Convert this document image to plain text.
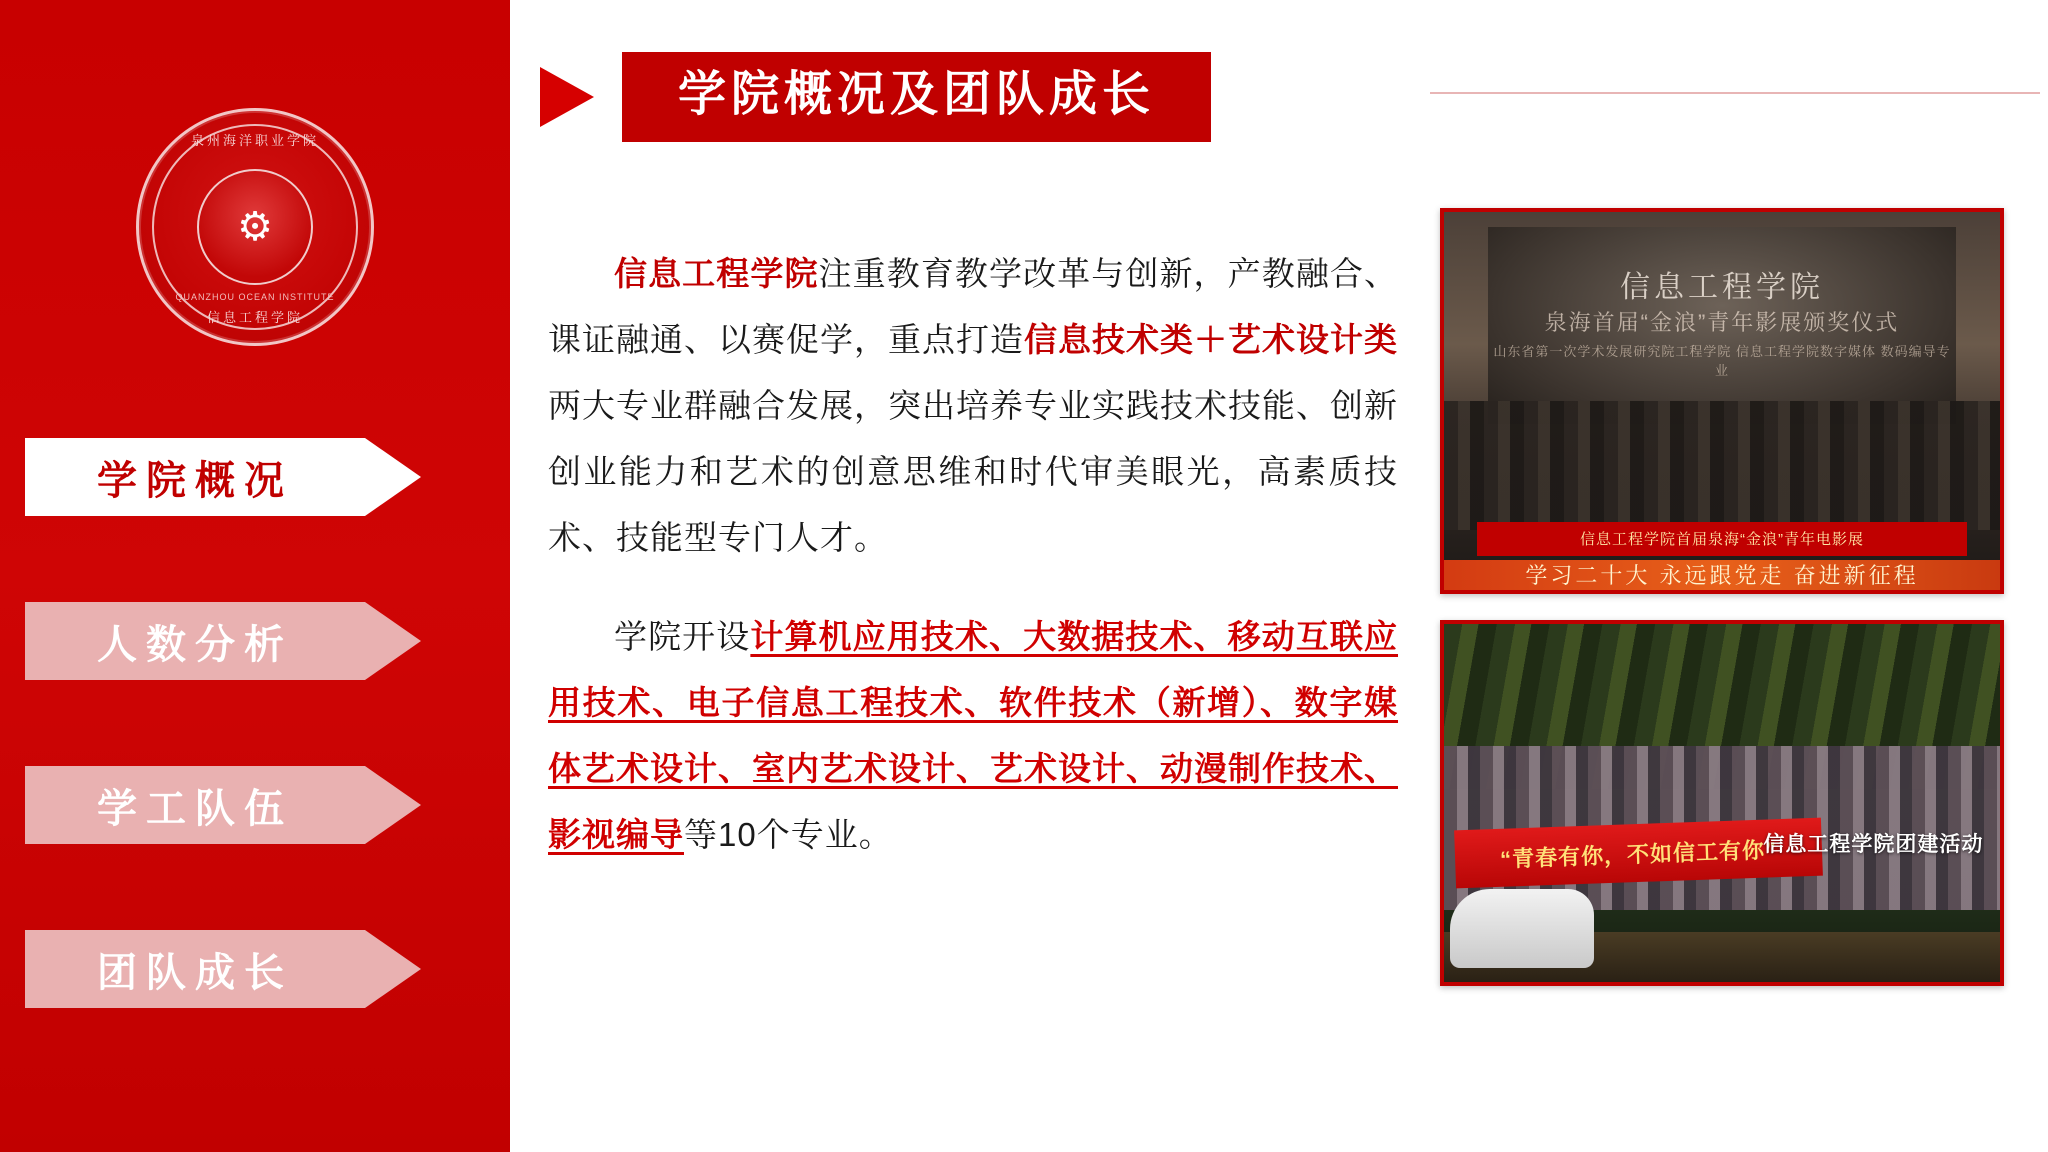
泉州海洋职业学院
⚙
QUANZHOU OCEAN INSTITUTE
信息工程学院
学院概况
人数分析
学工队伍
团队成长
学院概况及团队成长

信息工程学院注重教育教学改革与创新，产教融合、课证融通、以赛促学，重点打造信息技术类＋艺术设计类两大专业群融合发展，突出培养专业实践技术技能、创新创业能力和艺术的创意思维和时代审美眼光，高素质技术、技能型专门人才。

学院开设计算机应用技术、大数据技术、移动互联应用技术、电子信息工程技术、软件技术（新增）、数字媒体艺术设计、室内艺术设计、艺术设计、动漫制作技术、影视编导等10个专业。

信息工程学院
泉海首届“金浪”青年影展颁奖仪式
山东省第一次学术发展研究院工程学院 信息工程学院数字媒体 数码编导专业
信息工程学院首届泉海“金浪”青年电影展
学习二十大 永远跟党走 奋进新征程
“青春有你，不如信工有你”
信息工程学院团建活动
